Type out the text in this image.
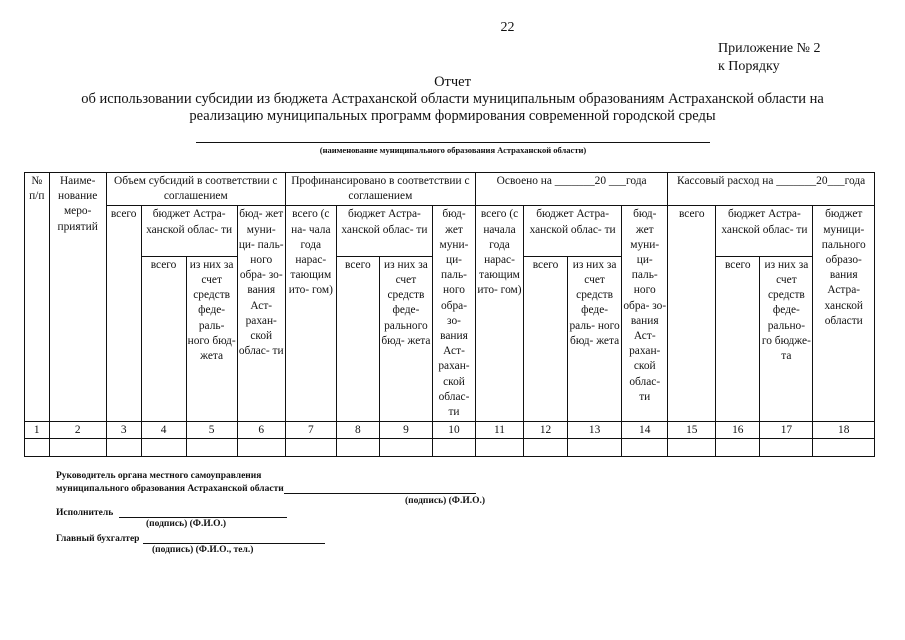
22
Приложение № 2
к Порядку
Отчет
об использовании субсидии из бюджета Астраханской области муниципальным образованиям Астраханской области на
реализацию муниципальных программ формирования современной городской среды
(наименование муниципального образования Астраханской области)
№ п/п	Наиме- нование меро- приятий	Объем субсидий в соответствии с соглашением				Профинансировано в соответствии с соглашением				Освоено на _______20 ___года				Кассовый расход на _______20___года			
		всего	бюджет Астра- ханской облас- ти		бюд- жет муни- ци- паль- ного обра- зо- вания Аст- рахан- ской облас- ти	всего (с на- чала года нарас- тающим ито- гом)	бюджет Астра- ханской облас- ти		бюд- жет муни- ци- паль- ного обра- зо- вания Аст- рахан- ской облас- ти	всего (с начала года нарас- тающим ито- гом)	бюджет Астра- ханской облас- ти		бюд- жет муни- ци- паль- ного обра- зо- вания Аст- рахан- ской облас- ти	всего	бюджет Астра- ханской облас- ти		бюджет муници- пального образо- вания Астра- ханской области
			всего	из них за счет средств феде- раль- ного бюд- жета			всего	из них за счет средств феде- рального бюд- жета			всего	из них за счет средств феде- раль- ного бюд- жета			всего	из них за счет средств феде- рально- го бюдже- та	
1	2	3	4	5	6	7	8	9	10	11	12	13	14	15	16	17	18

Руководитель органа местного самоуправления
муниципального образования Астраханской области
(подпись) (Ф.И.О.)
Исполнитель
(подпись) (Ф.И.О.)
Главный бухгалтер
(подпись) (Ф.И.О., тел.)
